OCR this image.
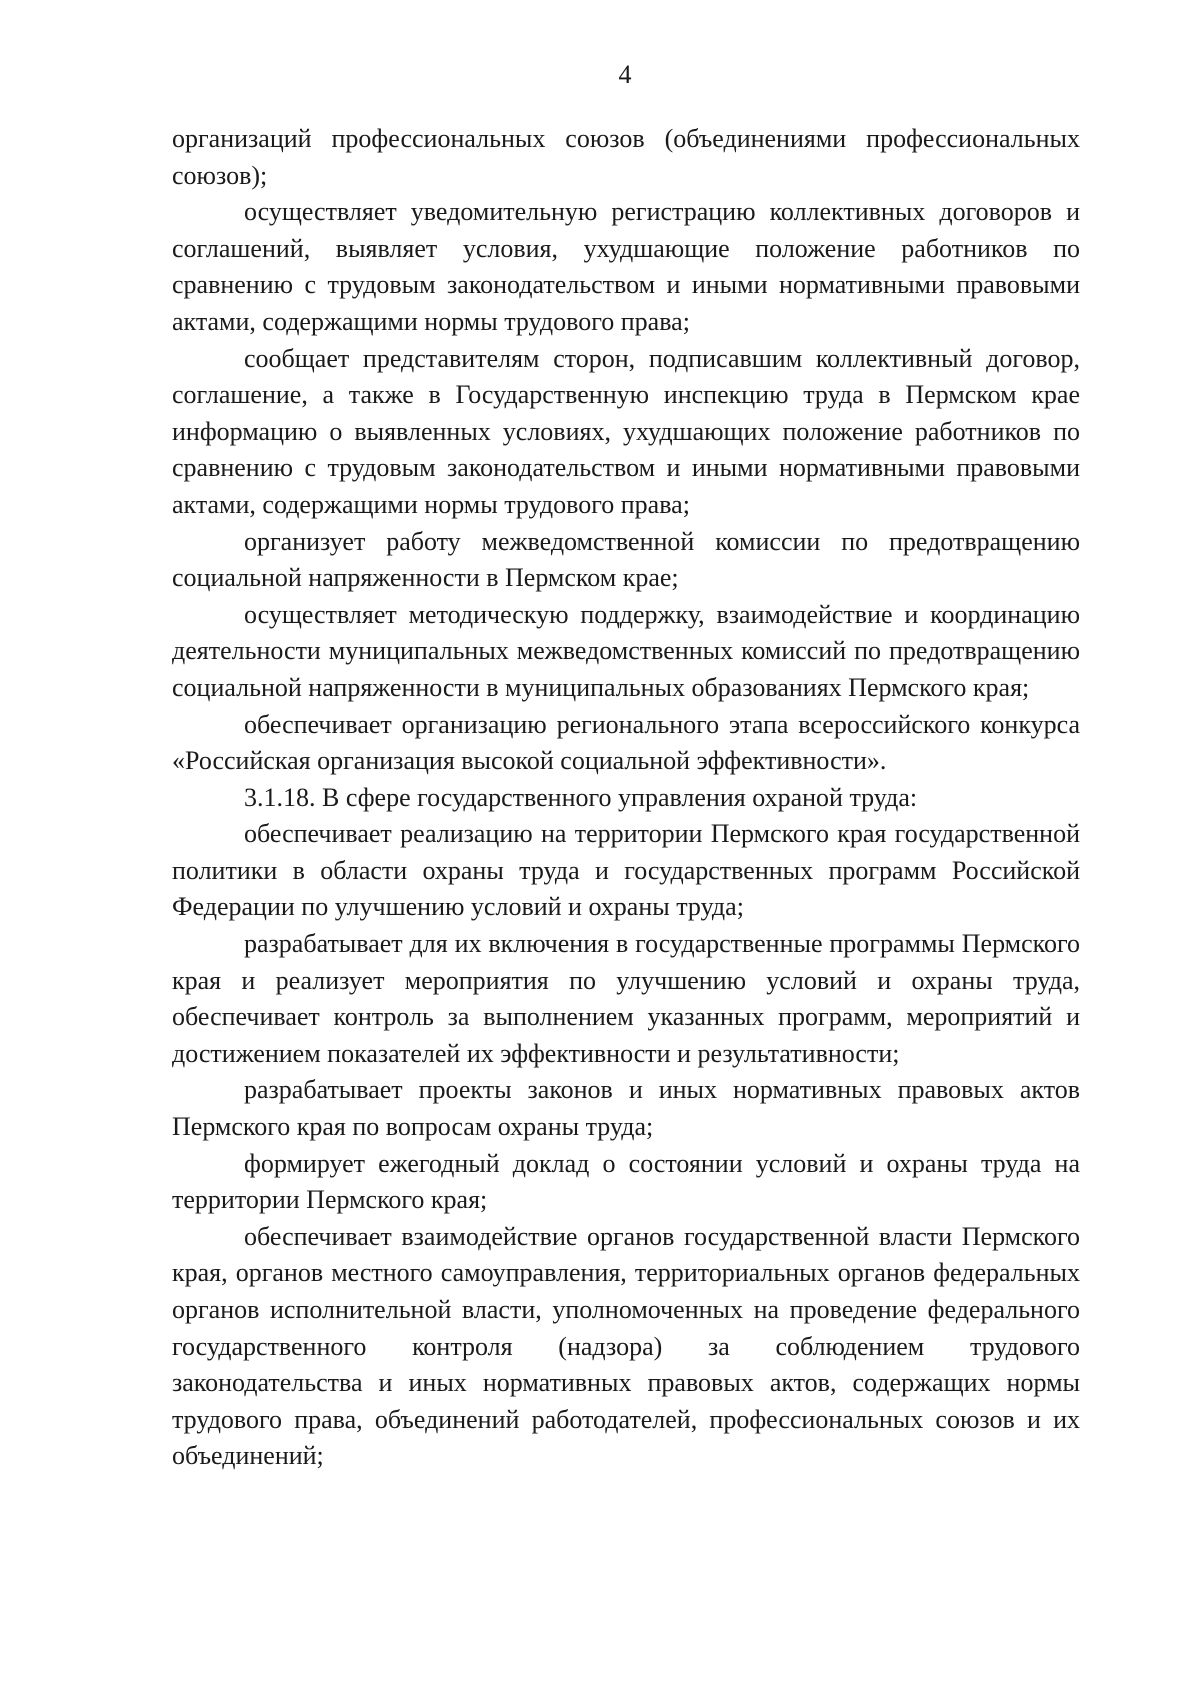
4

организаций профессиональных союзов (объединениями профессиональных союзов);

осуществляет уведомительную регистрацию коллективных договоров и соглашений, выявляет условия, ухудшающие положение работников по сравнению с трудовым законодательством и иными нормативными правовыми актами, содержащими нормы трудового права;

сообщает представителям сторон, подписавшим коллективный договор, соглашение, а также в Государственную инспекцию труда в Пермском крае информацию о выявленных условиях, ухудшающих положение работников по сравнению с трудовым законодательством и иными нормативными правовыми актами, содержащими нормы трудового права;

организует работу межведомственной комиссии по предотвращению социальной напряженности в Пермском крае;

осуществляет методическую поддержку, взаимодействие и координацию деятельности муниципальных межведомственных комиссий по предотвращению социальной напряженности в муниципальных образованиях Пермского края;

обеспечивает организацию регионального этапа всероссийского конкурса «Российская организация высокой социальной эффективности».

3.1.18. В сфере государственного управления охраной труда:

обеспечивает реализацию на территории Пермского края государственной политики в области охраны труда и государственных программ Российской Федерации по улучшению условий и охраны труда;

разрабатывает для их включения в государственные программы Пермского края и реализует мероприятия по улучшению условий и охраны труда, обеспечивает контроль за выполнением указанных программ, мероприятий и достижением показателей их эффективности и результативности;

разрабатывает проекты законов и иных нормативных правовых актов Пермского края по вопросам охраны труда;

формирует ежегодный доклад о состоянии условий и охраны труда на территории Пермского края;

обеспечивает взаимодействие органов государственной власти Пермского края, органов местного самоуправления, территориальных органов федеральных органов исполнительной власти, уполномоченных на проведение федерального государственного контроля (надзора) за соблюдением трудового законодательства и иных нормативных правовых актов, содержащих нормы трудового права, объединений работодателей, профессиональных союзов и их объединений;
